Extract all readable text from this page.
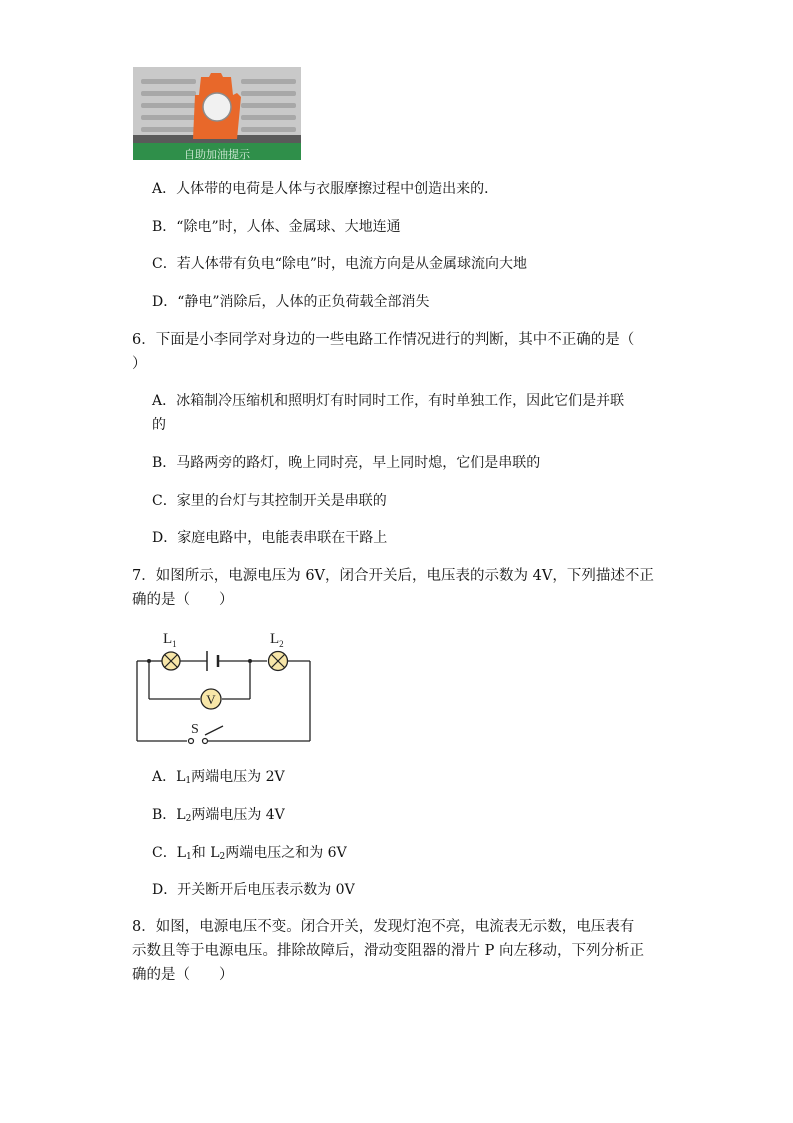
自助加油提示
A．人体带的电荷是人体与衣服摩擦过程中创造出来的．
B．“除电”时，人体、金属球、大地连通
C．若人体带有负电“除电”时，电流方向是从金属球流向大地
D．“静电”消除后，人体的正负荷载全部消失
6．下面是小李同学对身边的一些电路工作情况进行的判断，其中不正确的是（
）
A．冰箱制冷压缩机和照明灯有时同时工作，有时单独工作，因此它们是并联
的
B．马路两旁的路灯，晚上同时亮，早上同时熄，它们是串联的
C．家里的台灯与其控制开关是串联的
D．家庭电路中，电能表串联在干路上
7．如图所示，电源电压为 6V，闭合开关后，电压表的示数为 4V，下列描述不正
确的是（　　）
V
$L_1$	$L_2$
S
A．$L_1$两端电压为 2V
B．$L_2$两端电压为 4V
C．$L_1$和 $L_2$两端电压之和为 6V
D．开关断开后电压表示数为 0V
8．如图，电源电压不变。闭合开关，发现灯泡不亮，电流表无示数，电压表有
示数且等于电源电压。排除故障后，滑动变阻器的滑片 P 向左移动，下列分析正
确的是（　　）
